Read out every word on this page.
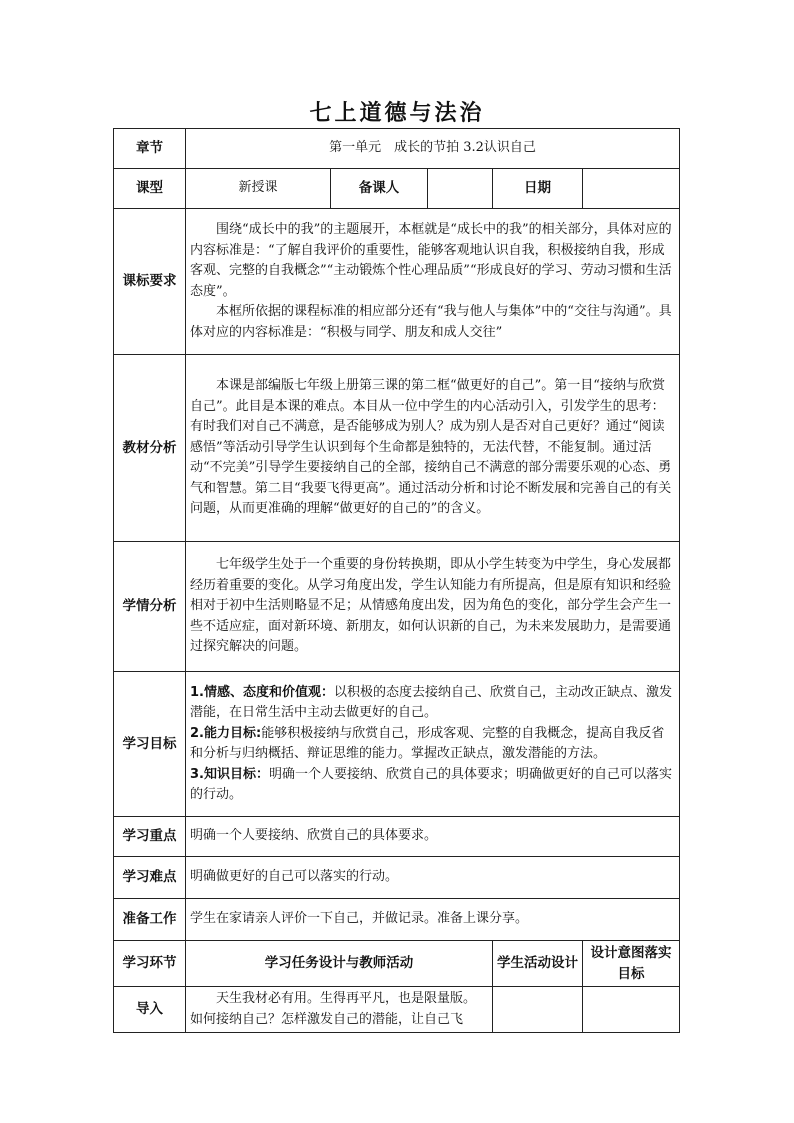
七上道德与法治
章节	第一单元　成长的节拍 3.2认识自己				
课型	新授课	备课人		日期	
课标要求	围绕“成长中的我”的主题展开，本框就是“成长中的我”的相关部分，具体对应的内容标准是：“了解自我评价的重要性，能够客观地认识自我，积极接纳自我，形成客观、完整的自我概念”“主动锻炼个性心理品质”“形成良好的学习、劳动习惯和生活态度”。

本框所依据的课程标准的相应部分还有“我与他人与集体”中的“交往与沟通”。具体对应的内容标准是：“积极与同学、朋友和成人交往”				

教材分析	本课是部编版七年级上册第三课的第二框“做更好的自己”。第一目“接纳与欣赏自己”。此目是本课的难点。本目从一位中学生的内心活动引入，引发学生的思考：有时我们对自己不满意，是否能够成为别人？成为别人是否对自己更好？通过“阅读感悟”等活动引导学生认识到每个生命都是独特的，无法代替，不能复制。通过活动“不完美”引导学生要接纳自己的全部，接纳自己不满意的部分需要乐观的心态、勇气和智慧。第二目“我要飞得更高”。通过活动分析和讨论不断发展和完善自己的有关问题，从而更准确的理解“做更好的自己的”的含义。				

学情分析	七年级学生处于一个重要的身份转换期，即从小学生转变为中学生，身心发展都经历着重要的变化。从学习角度出发，学生认知能力有所提高，但是原有知识和经验相对于初中生活则略显不足；从情感角度出发，因为角色的变化，部分学生会产生一些不适应症，面对新环境、新朋友，如何认识新的自己，为未来发展助力，是需要通过探究解决的问题。				

学习目标	1.情感、态度和价值观：以积极的态度去接纳自己、欣赏自己，主动改正缺点、激发潜能，在日常生活中主动去做更好的自己。

2.能力目标:能够积极接纳与欣赏自己，形成客观、完整的自我概念，提高自我反省和分析与归纳概括、辩证思维的能力。掌握改正缺点，激发潜能的方法。

3.知识目标：明确一个人要接纳、欣赏自己的具体要求；明确做更好的自己可以落实的行动。				

学习重点	明确一个人要接纳、欣赏自己的具体要求。				
学习难点	明确做更好的自己可以落实的行动。				
准备工作	学生在家请亲人评价一下自己，并做记录。准备上课分享。				
学习环节	学习任务设计与教师活动			学生活动设计	设计意图落实目标
导入	天生我材必有用。生得再平凡，也是限量版。如何接纳自己？怎样激发自己的潜能，让自己飞				
